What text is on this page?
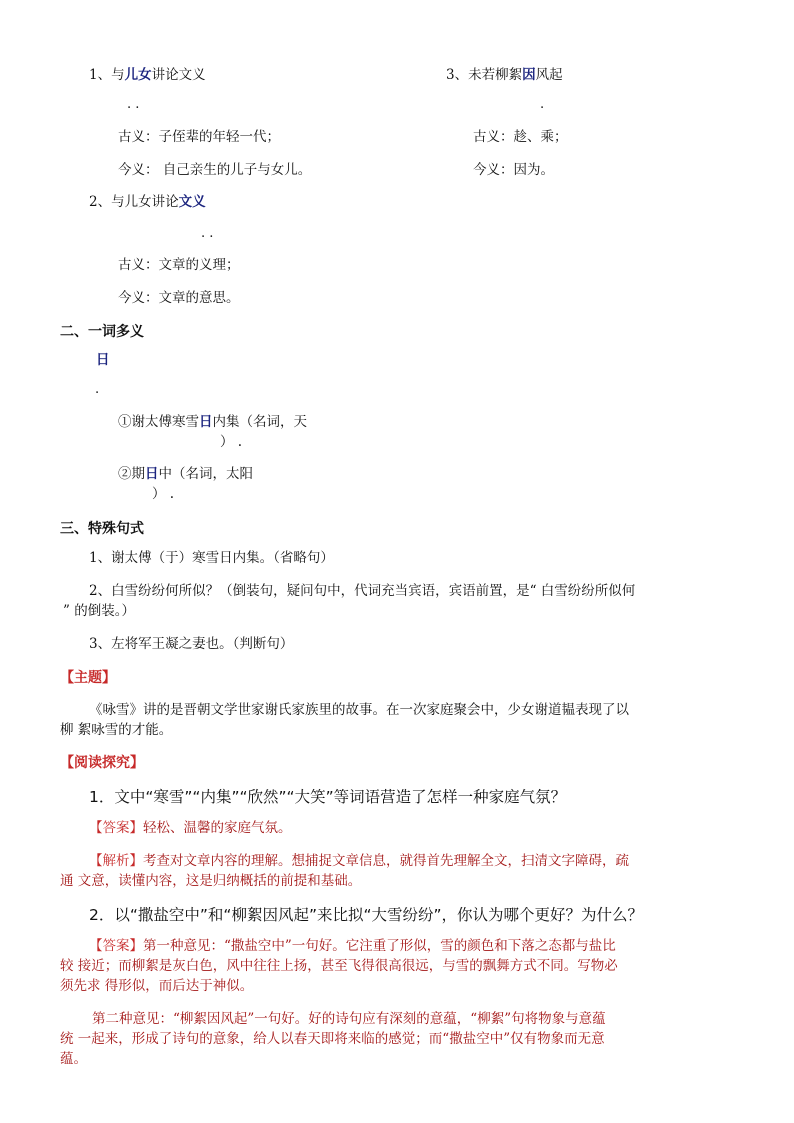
1、与儿女讲论文义
. .
古义：子侄辈的年轻一代；
今义： 自己亲生的儿子与女儿。
2、与儿女讲论文义
. .
古义：文章的义理；
今义：文章的意思。
3、未若柳絮因风起
.
古义：趁、乘；
今义：因为。
二、一词多义
日
.
①谢太傅寒雪日内集（名词，天
） .
②期日中（名词，太阳
） .
三、特殊句式
1、谢太傅（于）寒雪日内集。（省略句）
2、白雪纷纷何所似？（倒装句，疑问句中，代词充当宾语，宾语前置，是“ 白雪纷纷所似何
” 的倒装。）
3、左将军王凝之妻也。（判断句）
【主题】
《咏雪》讲的是晋朝文学世家谢氏家族里的故事。在一次家庭聚会中，少女谢道韫表现了以
柳 絮咏雪的才能。
【阅读探究】
1．文中“寒雪”“内集”“欣然”“大笑”等词语营造了怎样一种家庭气氛？
【答案】轻松、温馨的家庭气氛。
【解析】考查对文章内容的理解。想捕捉文章信息，就得首先理解全文，扫清文字障碍，疏
通 文意，读懂内容，这是归纳概括的前提和基础。
2．以“撒盐空中”和“柳絮因风起”来比拟“大雪纷纷”，你认为哪个更好？为什么？
【答案】第一种意见：“撒盐空中”一句好。它注重了形似，雪的颜色和下落之态都与盐比
较 接近；而柳絮是灰白色，风中往往上扬，甚至飞得很高很远，与雪的飘舞方式不同。写物必
须先求 得形似，而后达于神似。
第二种意见：“柳絮因风起”一句好。好的诗句应有深刻的意蕴，“柳絮”句将物象与意蕴
统 一起来，形成了诗句的意象，给人以春天即将来临的感觉；而“撒盐空中”仅有物象而无意
蕴。
